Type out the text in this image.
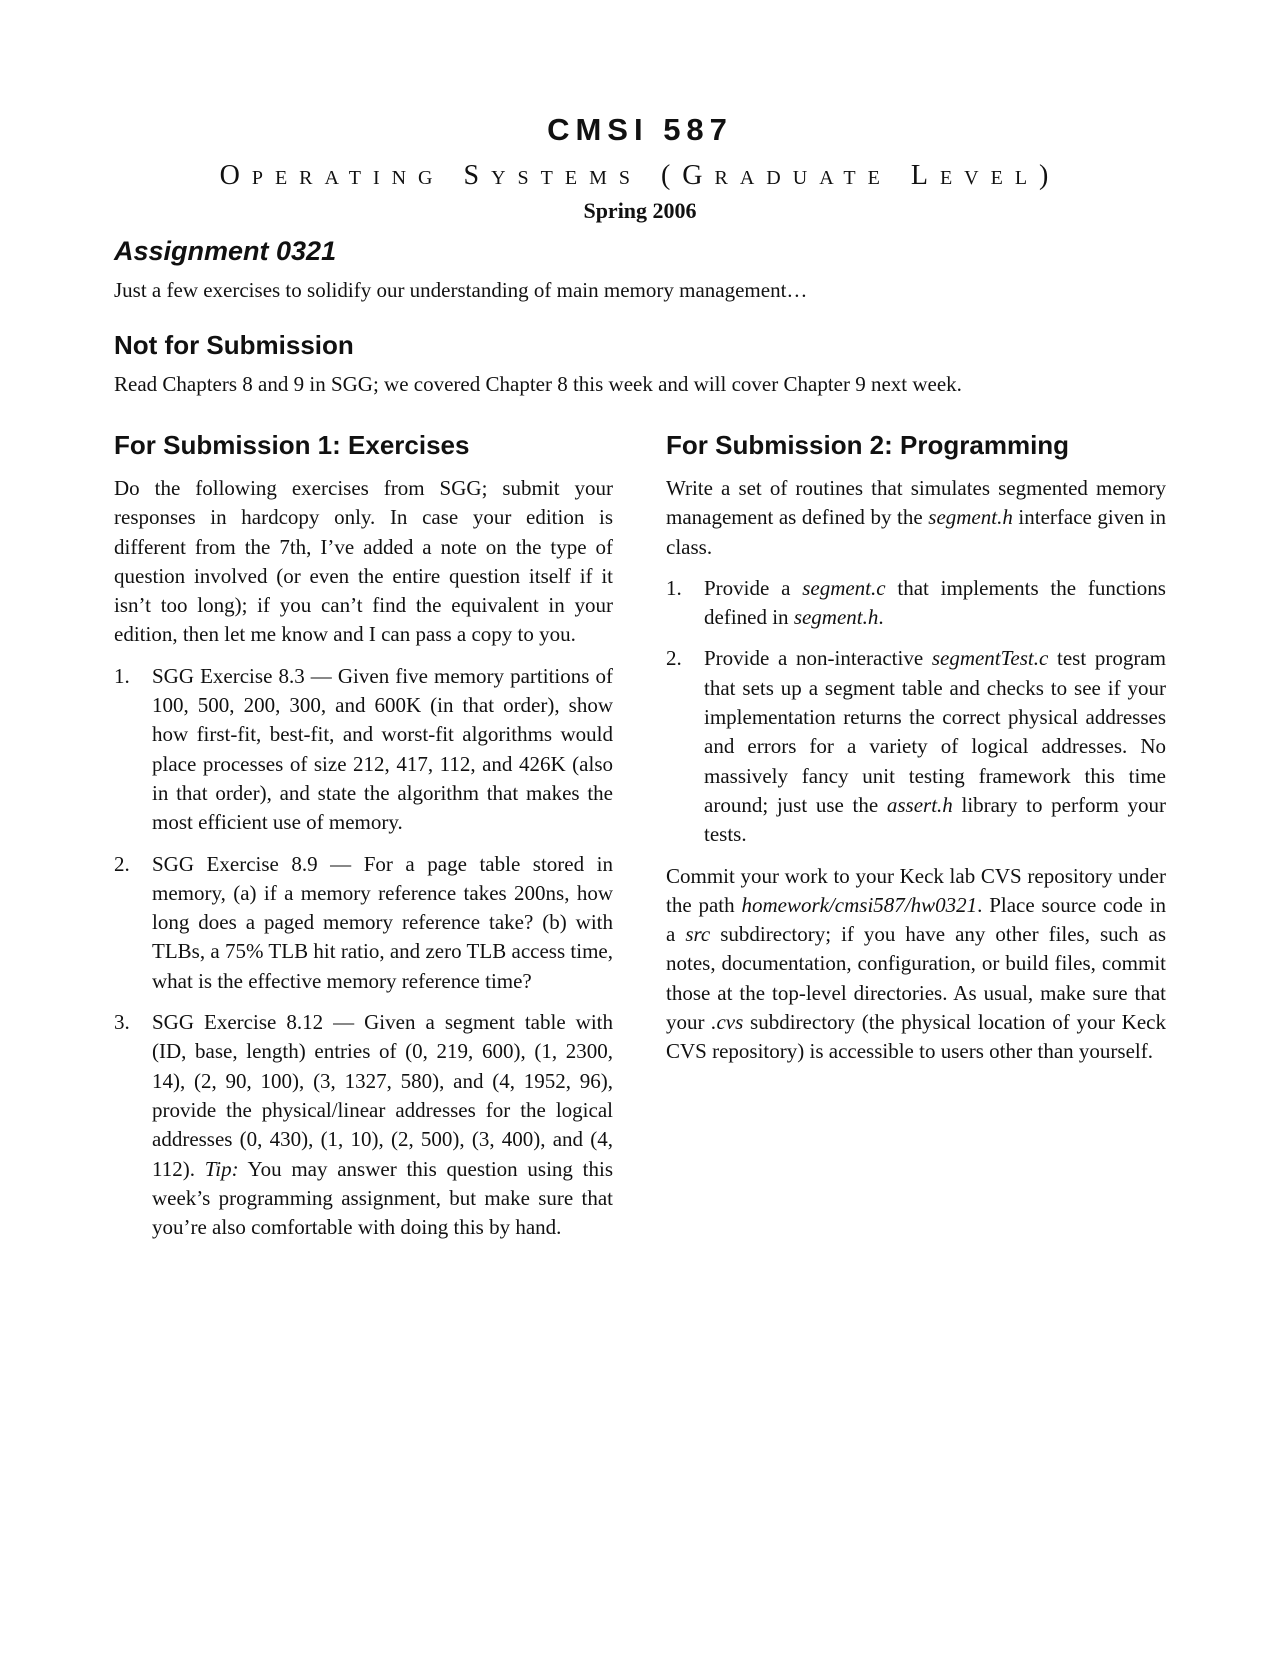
CMSI 587
Operating Systems (Graduate Level)
Spring 2006
Assignment 0321
Just a few exercises to solidify our understanding of main memory management…
Not for Submission
Read Chapters 8 and 9 in SGG; we covered Chapter 8 this week and will cover Chapter 9 next week.
For Submission 1: Exercises

Do the following exercises from SGG; submit your responses in hardcopy only. In case your edition is different from the 7th, I’ve added a note on the type of question involved (or even the entire question itself if it isn’t too long); if you can’t find the equivalent in your edition, then let me know and I can pass a copy to you.

1. SGG Exercise 8.3 — Given five memory partitions of 100, 500, 200, 300, and 600K (in that order), show how first-fit, best-fit, and worst-fit algorithms would place processes of size 212, 417, 112, and 426K (also in that order), and state the algorithm that makes the most efficient use of memory.
2. SGG Exercise 8.9 — For a page table stored in memory, (a) if a memory reference takes 200ns, how long does a paged memory reference take? (b) with TLBs, a 75% TLB hit ratio, and zero TLB access time, what is the effective memory reference time?
3. SGG Exercise 8.12 — Given a segment table with (ID, base, length) entries of (0, 219, 600), (1, 2300, 14), (2, 90, 100), (3, 1327, 580), and (4, 1952, 96), provide the physical/linear addresses for the logical addresses (0, 430), (1, 10), (2, 500), (3, 400), and (4, 112). Tip: You may answer this question using this week’s programming assignment, but make sure that you’re also comfortable with doing this by hand.
For Submission 2: Programming

Write a set of routines that simulates segmented memory management as defined by the segment.h interface given in class.

1. Provide a segment.c that implements the functions defined in segment.h.
2. Provide a non-interactive segmentTest.c test program that sets up a segment table and checks to see if your implementation returns the correct physical addresses and errors for a variety of logical addresses. No massively fancy unit testing framework this time around; just use the assert.h library to perform your tests.

Commit your work to your Keck lab CVS repository under the path homework/cmsi587/hw0321. Place source code in a src subdirectory; if you have any other files, such as notes, documentation, configuration, or build files, commit those at the top-level directories. As usual, make sure that your .cvs subdirectory (the physical location of your Keck CVS repository) is accessible to users other than yourself.
